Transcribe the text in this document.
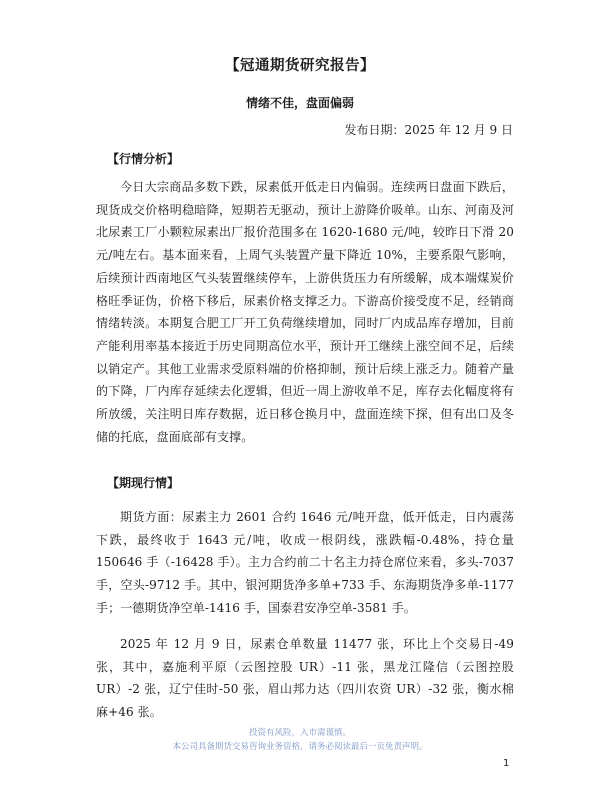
【冠通期货研究报告】
情绪不佳，盘面偏弱
发布日期：2025 年 12 月 9 日
【行情分析】

今日大宗商品多数下跌，尿素低开低走日内偏弱。连续两日盘面下跌后，现货成交价格明稳暗降，短期若无驱动，预计上游降价吸单。山东、河南及河北尿素工厂小颗粒尿素出厂报价范围多在 1620-1680 元/吨，较昨日下滑 20 元/吨左右。基本面来看，上周气头装置产量下降近 10%，主要系限气影响，后续预计西南地区气头装置继续停车，上游供货压力有所缓解，成本端煤炭价格旺季证伪，价格下移后，尿素价格支撑乏力。下游高价接受度不足，经销商情绪转淡。本期复合肥工厂开工负荷继续增加，同时厂内成品库存增加，目前产能利用率基本接近于历史同期高位水平，预计开工继续上涨空间不足，后续以销定产。其他工业需求受原料端的价格抑制，预计后续上涨乏力。随着产量的下降，厂内库存延续去化逻辑，但近一周上游收单不足，库存去化幅度将有所放缓，关注明日库存数据，近日移仓换月中，盘面连续下探，但有出口及冬储的托底，盘面底部有支撑。

【期现行情】

期货方面：尿素主力 2601 合约 1646 元/吨开盘，低开低走，日内震荡下跌，最终收于 1643 元/吨，收成一根阴线，涨跌幅-0.48%，持仓量 150646 手（-16428 手）。主力合约前二十名主力持仓席位来看，多头-7037 手，空头-9712 手。其中，银河期货净多单+733 手、东海期货净多单-1177 手；一德期货净空单-1416 手，国泰君安净空单-3581 手。

2025 年 12 月 9 日，尿素仓单数量 11477 张，环比上个交易日-49 张，其中，嘉施利平原（云图控股 UR）-11 张，黑龙江隆信（云图控股 UR）-2 张，辽宁佳时-50 张，眉山邦力达（四川农资 UR）-32 张，衡水棉麻+46 张。

投资有风险，入市需谨慎。
本公司具备期货交易咨询业务资格，请务必阅读最后一页免责声明。
1
